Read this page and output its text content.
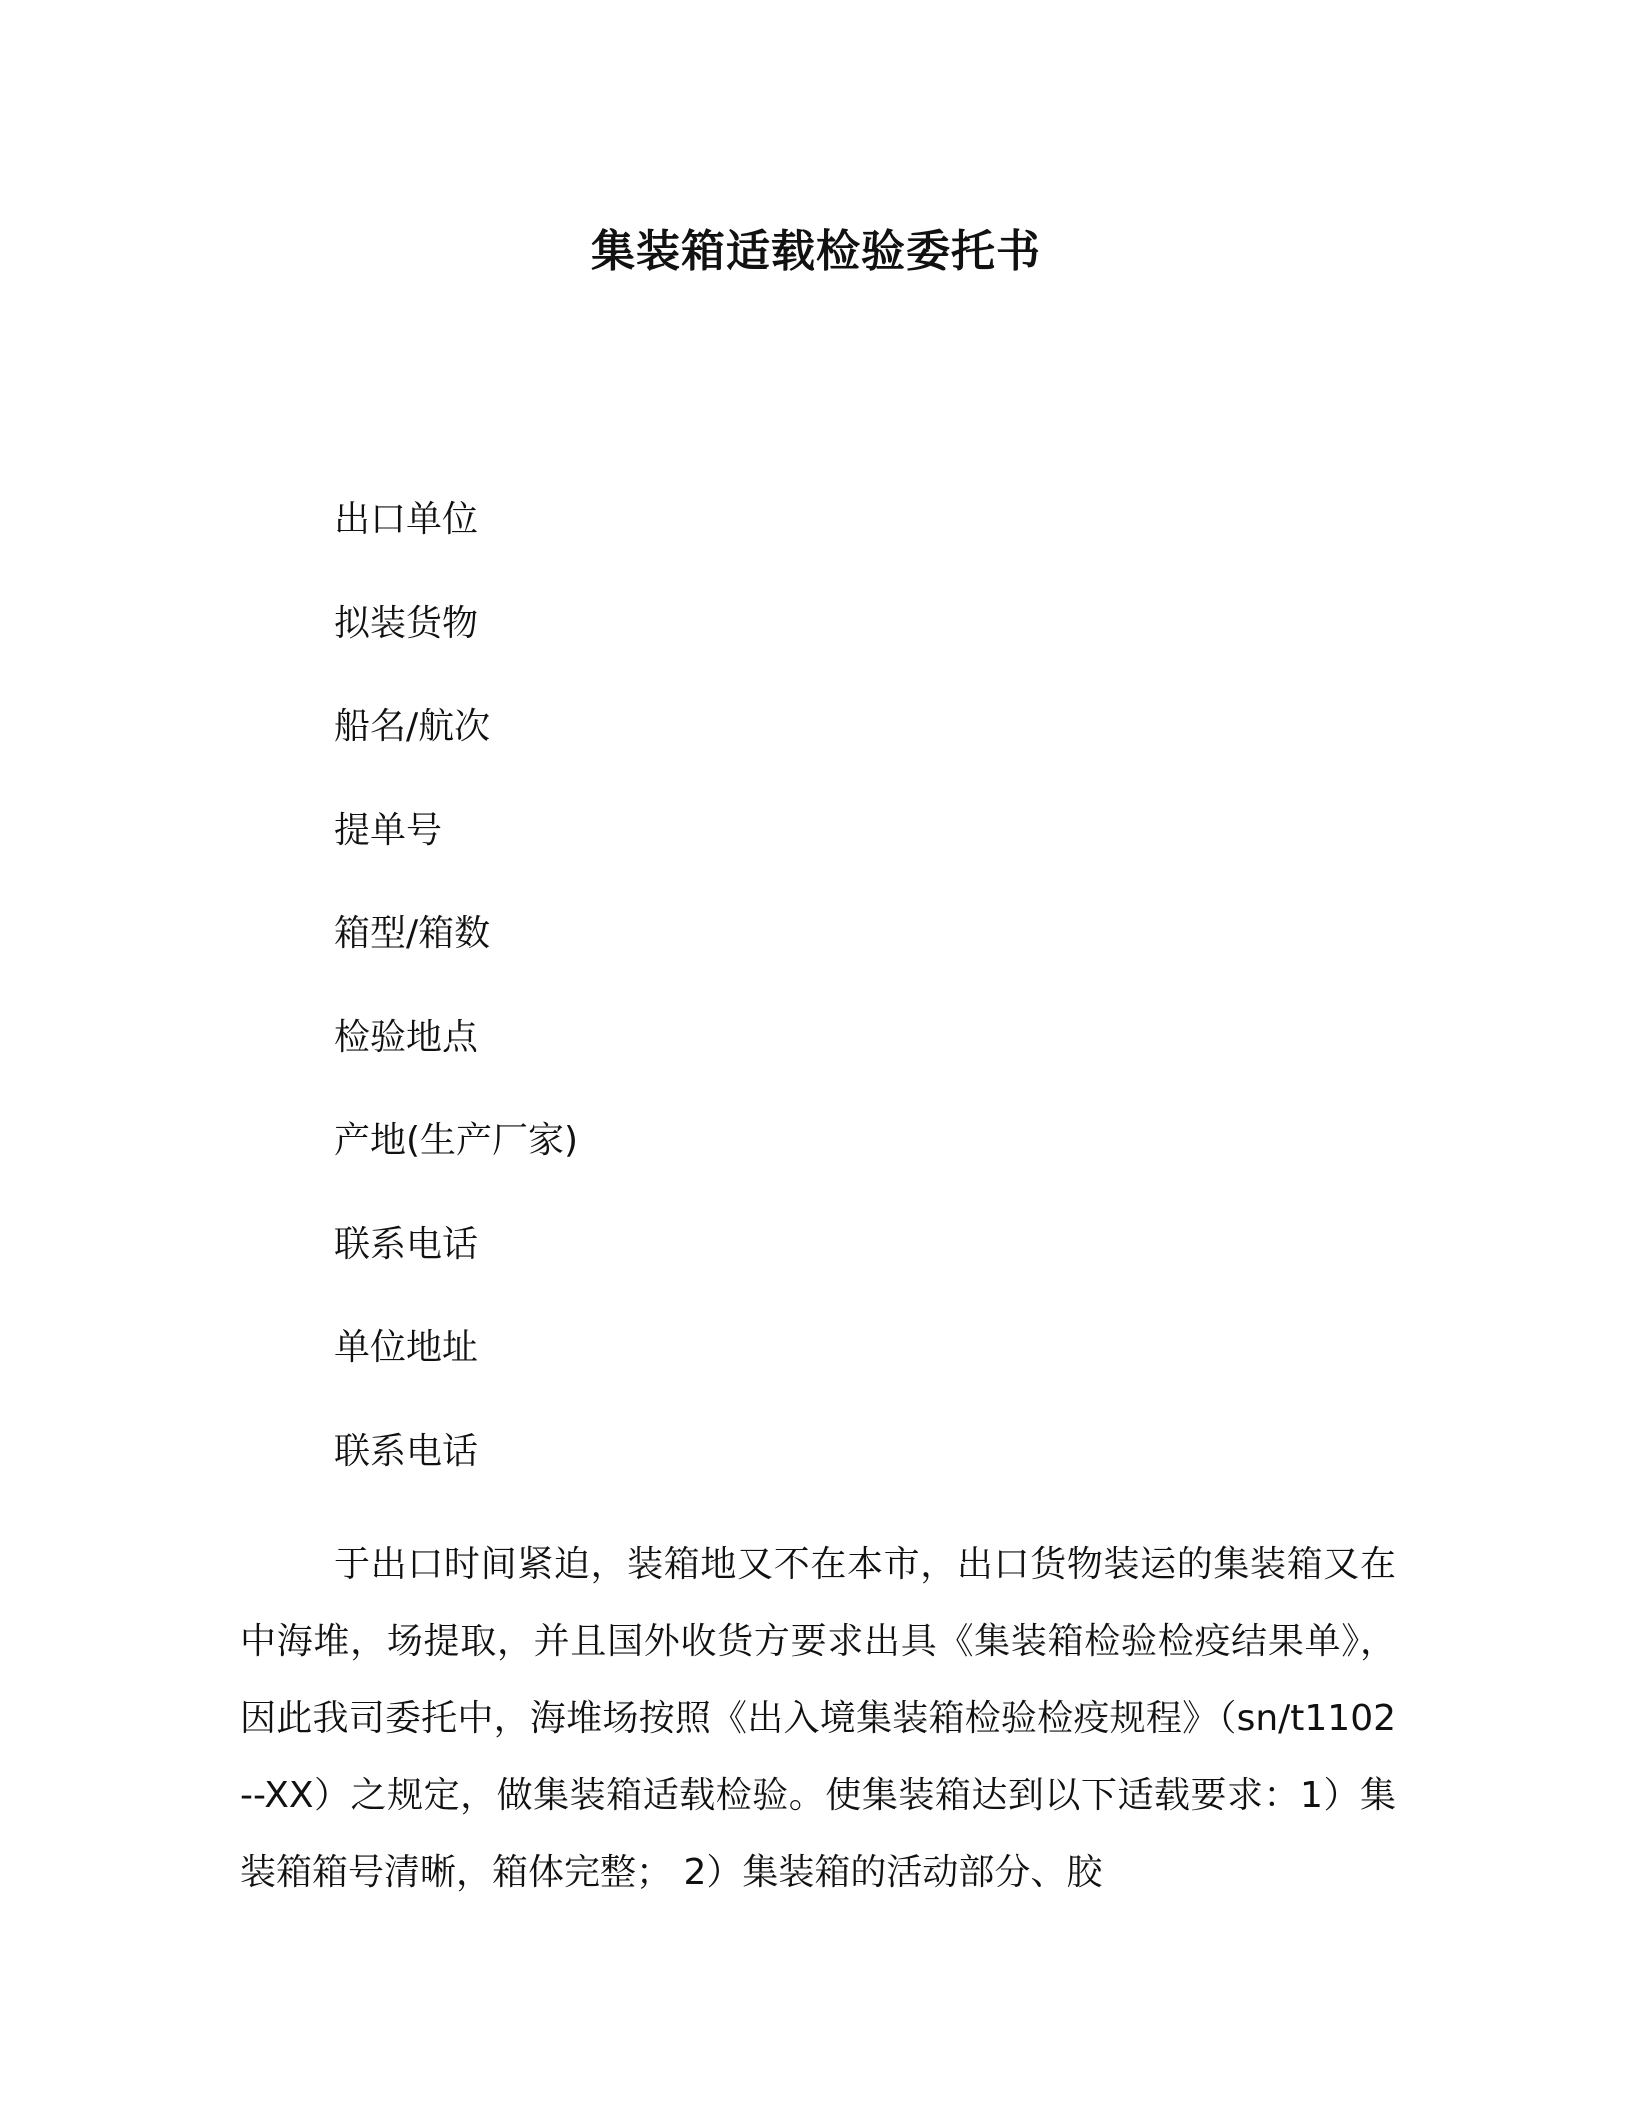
集装箱适载检验委托书
出口单位
拟装货物
船名/航次
提单号
箱型/箱数
检验地点
产地(生产厂家)
联系电话
单位地址
联系电话
于出口时间紧迫，装箱地又不在本市，出口货物装运的集装箱又在中海堆，场提取，并且国外收货方要求出具《集装箱检验检疫结果单》，因此我司委托中，海堆场按照《出入境集装箱检验检疫规程》（sn/t1102--XX）之规定，做集装箱适载检验。使集装箱达到以下适载要求：1）集装箱箱号清晰，箱体完整； 2）集装箱的活动部分、胶
